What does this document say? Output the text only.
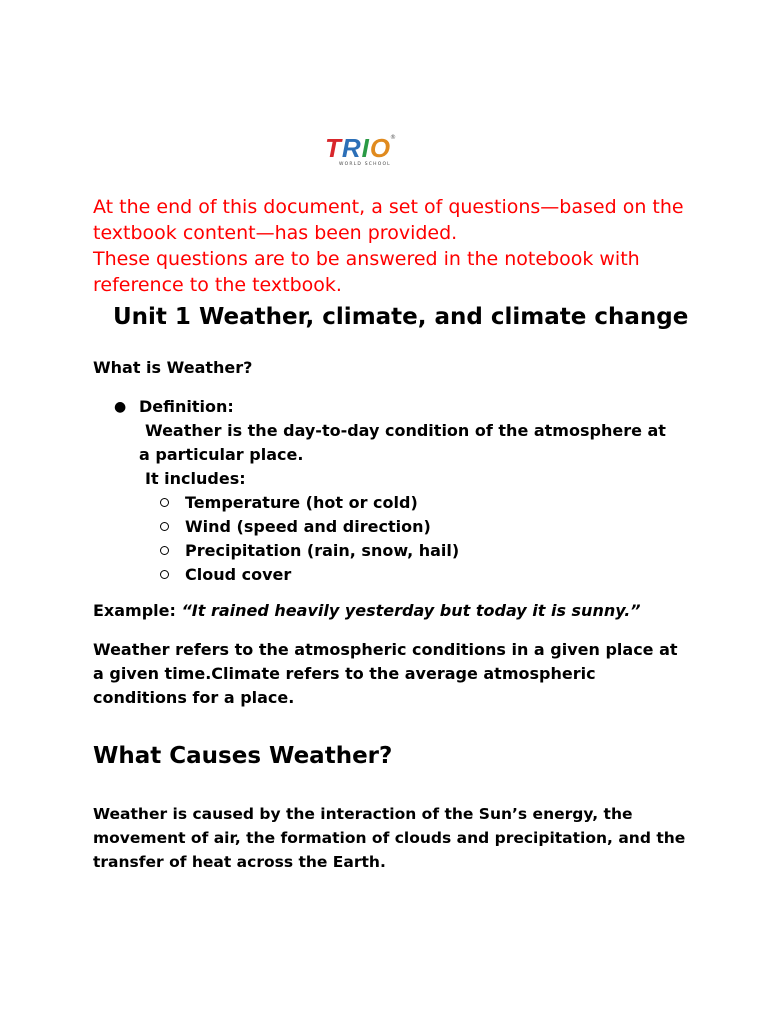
TRIO
®
WORLD SCHOOL

At the end of this document, a set of questions—based on the textbook content—has been provided.

These questions are to be answered in the notebook with reference to the textbook.

Unit 1 Weather, climate, and climate change

What is Weather?

● Definition:

Weather is the day-to-day condition of the atmosphere at a particular place.

It includes:
Temperature (hot or cold)
Wind (speed and direction)
Precipitation (rain, snow, hail)
Cloud cover

Example: “It rained heavily yesterday but today it is sunny.”

Weather refers to the atmospheric conditions in a given place at a given time.Climate refers to the average atmospheric conditions for a place.

What Causes Weather?

Weather is caused by the interaction of the Sun’s energy, the movement of air, the formation of clouds and precipitation, and the transfer of heat across the Earth.
